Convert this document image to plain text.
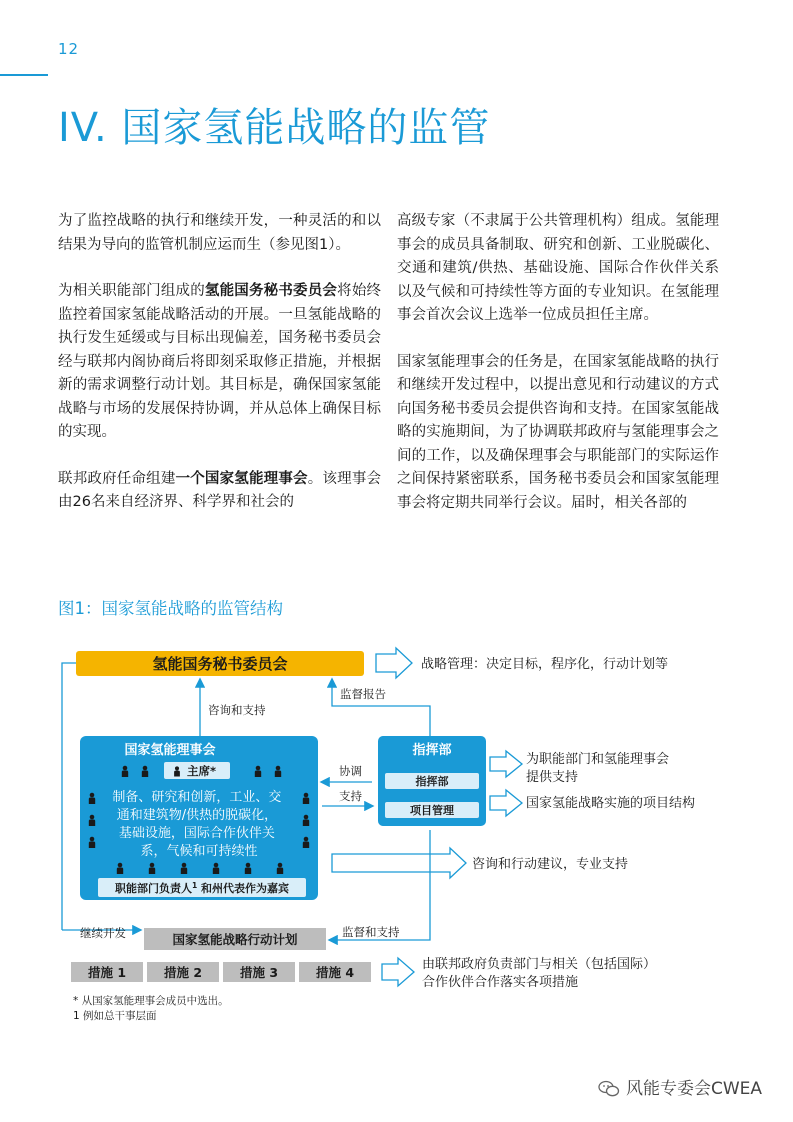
12
IV. 国家氢能战略的监管

为了监控战略的执行和继续开发，一种灵活的和以结果为导向的监管机制应运而生（参见图1）。

为相关职能部门组成的氢能国务秘书委员会将始终监控着国家氢能战略活动的开展。一旦氢能战略的执行发生延缓或与目标出现偏差，国务秘书委员会经与联邦内阁协商后将即刻采取修正措施，并根据新的需求调整行动计划。其目标是，确保国家氢能战略与市场的发展保持协调，并从总体上确保目标的实现。

联邦政府任命组建一个国家氢能理事会。该理事会由26名来自经济界、科学界和社会的

高级专家（不隶属于公共管理机构）组成。氢能理事会的成员具备制取、研究和创新、工业脱碳化、交通和建筑/供热、基础设施、国际合作伙伴关系以及气候和可持续性等方面的专业知识。在氢能理事会首次会议上选举一位成员担任主席。

国家氢能理事会的任务是，在国家氢能战略的执行和继续开发过程中，以提出意见和行动建议的方式向国务秘书委员会提供咨询和支持。在国家氢能战略的实施期间，为了协调联邦政府与氢能理事会之间的工作，以及确保理事会与职能部门的实际运作之间保持紧密联系，国务秘书委员会和国家氢能理事会将定期共同举行会议。届时，相关各部的

图1：国家氢能战略的监管结构
氢能国务秘书委员会	战略管理：决定目标，程序化，行动计划等
继续开发
咨询和支持
监督报告
国家氢能理事会
主席*
制备、研究和创新，工业、交 通和建筑物/供热的脱碳化， 基础设施，国际合作伙伴关 系，气候和可持续性
职能部门负责人$^1$ 和州代表作为嘉宾
协调
支持
指挥部
指挥部
项目管理
为职能部门和氢能理事会 提供支持
国家氢能战略实施的项目结构
咨询和行动建议，专业支持
国家氢能战略行动计划	监督和支持
措施 1	措施 2	措施 3	措施 4
由联邦政府负责部门与相关（包括国际） 合作伙伴合作落实各项措施
* 从国家氢能理事会成员中选出。
1 例如总干事层面
风能专委会CWEA
